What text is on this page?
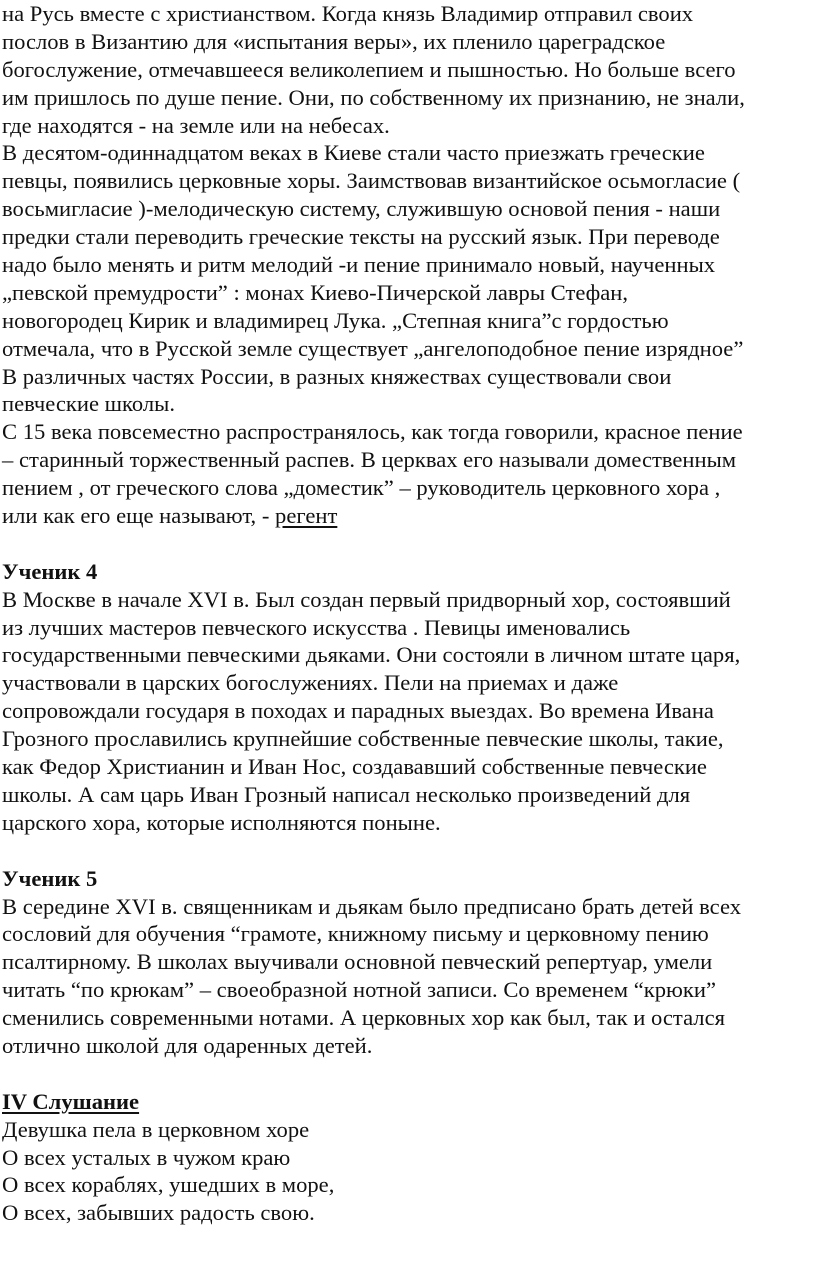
на Русь вместе с христианством. Когда князь Владимир отправил своих
послов в Византию для «испытания веры», их пленило цареградское
богослужение, отмечавшееся великолепием и пышностью. Но больше всего
им пришлось по душе пение. Они, по собственному их признанию, не знали,
где находятся - на земле или на небесах.
В десятом-одиннадцатом веках в Киеве стали часто приезжать греческие
певцы, появились церковные хоры. Заимствовав византийское осьмогласие (
восьмигласие )-мелодическую систему, служившую основой пения - наши
предки стали переводить греческие тексты на русский язык. При переводе
надо было менять и ритм мелодий -и пение принимало новый, наученных
„певской премудрости” : монах Киево-Пичерской лавры Стефан,
новогородец Кирик и владимирец Лука. „Степная книга”с гордостью
отмечала, что в Русской земле существует „ангелоподобное пение изрядное”
В различных частях России, в разных княжествах существовали свои
певческие школы.
С 15 века повсеместно распространялось, как тогда говорили, красное пение
– старинный торжественный распев. В церквах его называли домественным
пением , от греческого слова „доместик” – руководитель церковного хора ,
или как его еще называют, - регент
Ученик 4
В Москве в начале XVI в. Был создан первый придворный хор, состоявший
из лучших мастеров певческого искусства . Певицы именовались
государственными певческими дьяками. Они состояли в личном штате царя,
участвовали в царских богослужениях. Пели на приемах и даже
сопровождали государя в походах и парадных выездах. Во времена Ивана
Грозного прославились крупнейшие собственные певческие школы, такие,
как Федор Христианин и Иван Нос, создававший собственные певческие
школы. А сам царь Иван Грозный написал несколько произведений для
царского хора, которые исполняются поныне.
Ученик 5
В середине XVI в. священникам и дьякам было предписано брать детей всех
сословий для обучения “грамоте, книжному письму и церковному пению
псалтирному. В школах выучивали основной певческий репертуар, умели
читать “по крюкам” – своеобразной нотной записи. Со временем “крюки”
сменились современными нотами. А церковных хор как был, так и остался
отлично школой для одаренных детей.
IV Слушание
Девушка пела в церковном хоре
О всех усталых в чужом краю
О всех кораблях, ушедших в море,
О всех, забывших радость свою.
